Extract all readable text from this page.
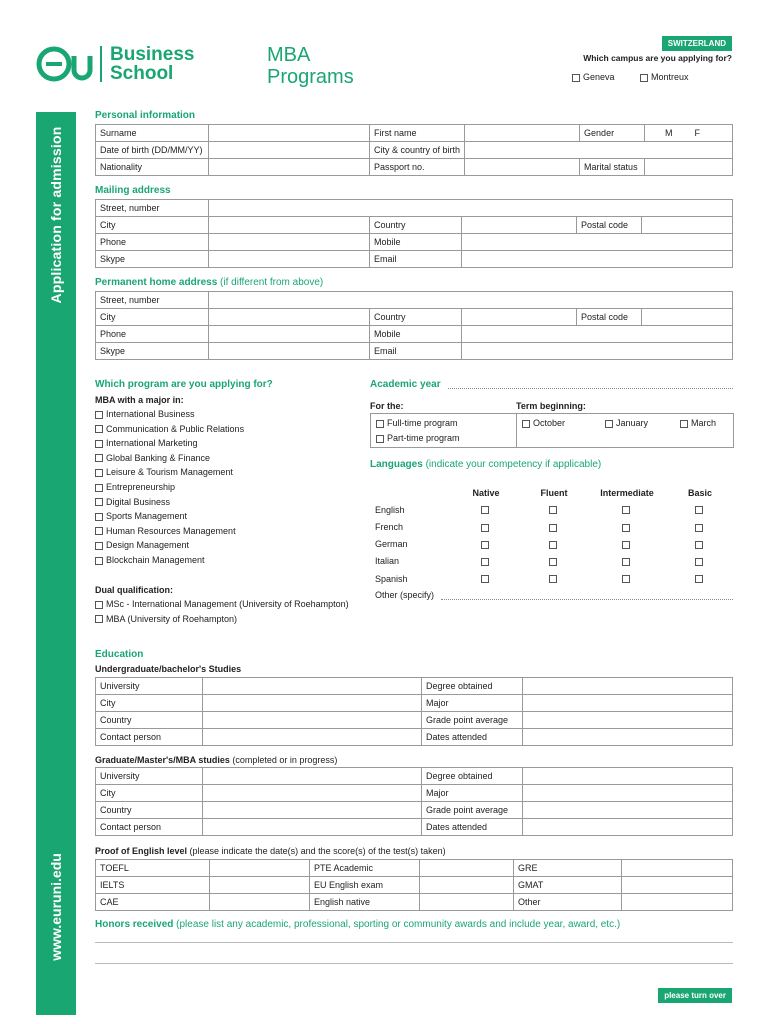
Application for admission
www.euruni.edu
Business
School
MBA
Programs
SWITZERLAND
Which campus are you applying for?
Geneva	Montreux
Personal information
Surname		First name		Gender	M F
Date of birth (DD/MM/YY)		City & country of birth			
Nationality		Passport no.		Marital status	
Mailing address
Street, number					
City		Country		Postal code	
Phone		Mobile			
Skype		Email			
Permanent home address (if different from above)
Street, number					
City		Country		Postal code	
Phone		Mobile			
Skype		Email			
Which program are you applying for?
MBA with a major in:
International Business
Communication & Public Relations
International Marketing
Global Banking & Finance
Leisure & Tourism Management
Entrepreneurship
Digital Business
Sports Management
Human Resources Management
Design Management
Blockchain Management
Dual qualification:
MSc - International Management (University of Roehampton)
MBA (University of Roehampton)
Academic year
For the:	Term beginning:
Full-time program
Part-time program
October	January	March
Languages (indicate your competency if applicable)
	Native	Fluent	Intermediate	Basic
English				
French				
German				
Italian				
Spanish				
Other (specify)
Education
Undergraduate/bachelor's Studies
University		Degree obtained	
City		Major	
Country		Grade point average	
Contact person		Dates attended	
Graduate/Master's/MBA studies (completed or in progress)
University		Degree obtained	
City		Major	
Country		Grade point average	
Contact person		Dates attended	
Proof of English level (please indicate the date(s) and the score(s) of the test(s) taken)
TOEFL		PTE Academic		GRE	
IELTS		EU English exam		GMAT	
CAE		English native		Other	
Honors received (please list any academic, professional, sporting or community awards and include year, award, etc.)
please turn over
